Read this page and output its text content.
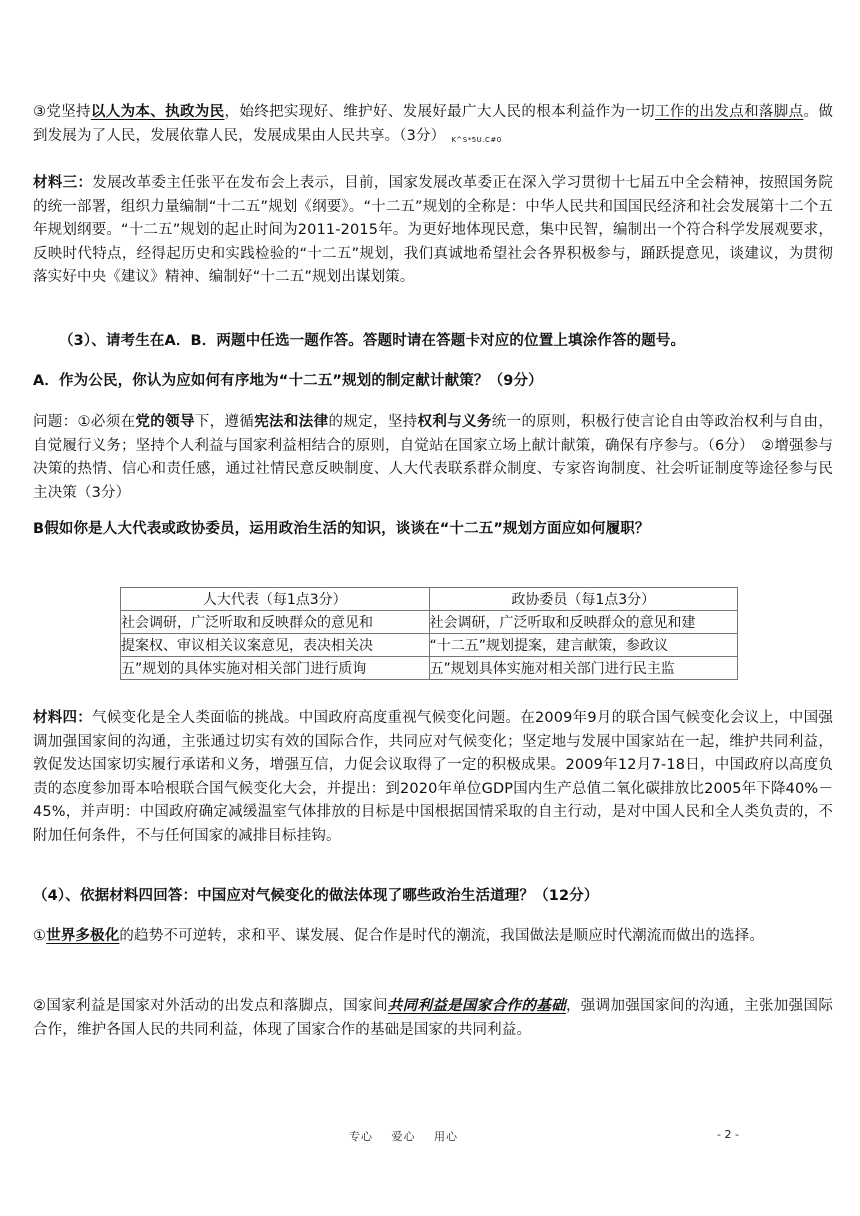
③党坚持以人为本、执政为民，始终把实现好、维护好、发展好最广大人民的根本利益作为一切工作的出发点和落脚点。做到发展为了人民，发展依靠人民，发展成果由人民共享。（3分） K^S*5U.C#0

材料三：发展改革委主任张平在发布会上表示，目前，国家发展改革委正在深入学习贯彻十七届五中全会精神，按照国务院的统一部署，组织力量编制“十二五”规划《纲要》。“十二五”规划的全称是：中华人民共和国国民经济和社会发展第十二个五年规划纲要。“十二五”规划的起止时间为2011-2015年。为更好地体现民意，集中民智，编制出一个符合科学发展观要求，反映时代特点，经得起历史和实践检验的“十二五”规划，我们真诚地希望社会各界积极参与，踊跃提意见，谈建议，为贯彻落实好中央《建议》精神、编制好“十二五”规划出谋划策。

（3）、请考生在A．B．两题中任选一题作答。答题时请在答题卡对应的位置上填涂作答的题号。

A．作为公民，你认为应如何有序地为“十二五”规划的制定献计献策？（9分）

问题：①必须在党的领导下，遵循宪法和法律的规定，坚持权利与义务统一的原则，积极行使言论自由等政治权利与自由，自觉履行义务；坚持个人利益与国家利益相结合的原则，自觉站在国家立场上献计献策，确保有序参与。（6分）　②增强参与决策的热情、信心和责任感，通过社情民意反映制度、人大代表联系群众制度、专家咨询制度、社会听证制度等途径参与民主决策（3分）

B假如你是人大代表或政协委员，运用政治生活的知识，谈谈在“十二五”规划方面应如何履职？

人大代表（每1点3分）	政协委员（每1点3分）
社会调研，广泛听取和反映群众的意见和	社会调研，广泛听取和反映群众的意见和建
提案权、审议相关议案意见，表决相关决	“十二五”规划提案，建言献策，参政议
五”规划的具体实施对相关部门进行质询	五”规划具体实施对相关部门进行民主监

材料四：气候变化是全人类面临的挑战。中国政府高度重视气候变化问题。在2009年9月的联合国气候变化会议上，中国强调加强国家间的沟通，主张通过切实有效的国际合作，共同应对气候变化；坚定地与发展中国家站在一起，维护共同利益，敦促发达国家切实履行承诺和义务，增强互信，力促会议取得了一定的积极成果。2009年12月7-18日，中国政府以高度负责的态度参加哥本哈根联合国气候变化大会，并提出：到2020年单位GDP国内生产总值二氧化碳排放比2005年下降40%－45%，并声明：中国政府确定减缓温室气体排放的目标是中国根据国情采取的自主行动，是对中国人民和全人类负责的，不附加任何条件，不与任何国家的减排目标挂钩。

（4）、依据材料四回答：中国应对气候变化的做法体现了哪些政治生活道理？（12分）

①世界多极化的趋势不可逆转，求和平、谋发展、促合作是时代的潮流，我国做法是顺应时代潮流而做出的选择。

②国家利益是国家对外活动的出发点和落脚点，国家间共同利益是国家合作的基础，强调加强国家间的沟通，主张加强国际合作，维护各国人民的共同利益，体现了国家合作的基础是国家的共同利益。

专心 爱心 用心	- 2 -
